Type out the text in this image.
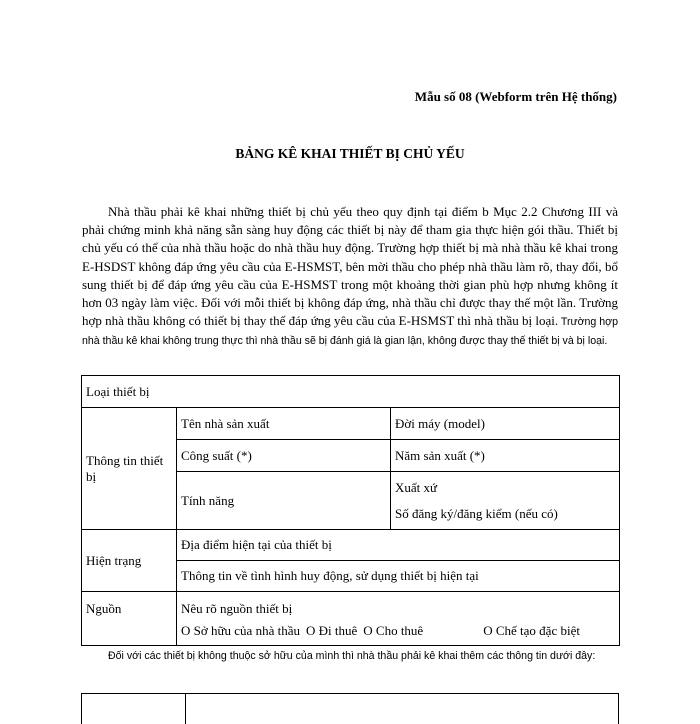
Mẫu số 08 (Webform trên Hệ thống)
BẢNG KÊ KHAI THIẾT BỊ CHỦ YẾU

Nhà thầu phải kê khai những thiết bị chủ yếu theo quy định tại điểm b Mục 2.2 Chương III và phải chứng minh khả năng sẵn sàng huy động các thiết bị này để tham gia thực hiện gói thầu. Thiết bị chủ yếu có thể của nhà thầu hoặc do nhà thầu huy động. Trường hợp thiết bị mà nhà thầu kê khai trong E-HSDST không đáp ứng yêu cầu của E-HSMST, bên mời thầu cho phép nhà thầu làm rõ, thay đổi, bổ sung thiết bị để đáp ứng yêu cầu của E-HSMST trong một khoảng thời gian phù hợp nhưng không ít hơn 03 ngày làm việc. Đối với mỗi thiết bị không đáp ứng, nhà thầu chỉ được thay thế một lần. Trường hợp nhà thầu không có thiết bị thay thế đáp ứng yêu cầu của E-HSMST thì nhà thầu bị loại. Trường hợp nhà thầu kê khai không trung thực thì nhà thầu sẽ bị đánh giá là gian lận, không được thay thế thiết bị và bị loại.

Loại thiết bị		
Thông tin thiết bị	Tên nhà sản xuất	Đời máy (model)
	Công suất (*)	Năm sản xuất (*)
	Tính năng	Xuất xứ
Số đăng ký/đăng kiểm (nếu có)
Hiện trạng	Địa điểm hiện tại của thiết bị	
	Thông tin về tình hình huy động, sử dụng thiết bị hiện tại	
Nguồn	Nêu rõ nguồn thiết bị
O Sở hữu của nhà thầu O Đi thuê O Cho thuê O Chế tạo đặc biệt	

Đối với các thiết bị không thuộc sở hữu của mình thì nhà thầu phải kê khai thêm các thông tin dưới đây:
